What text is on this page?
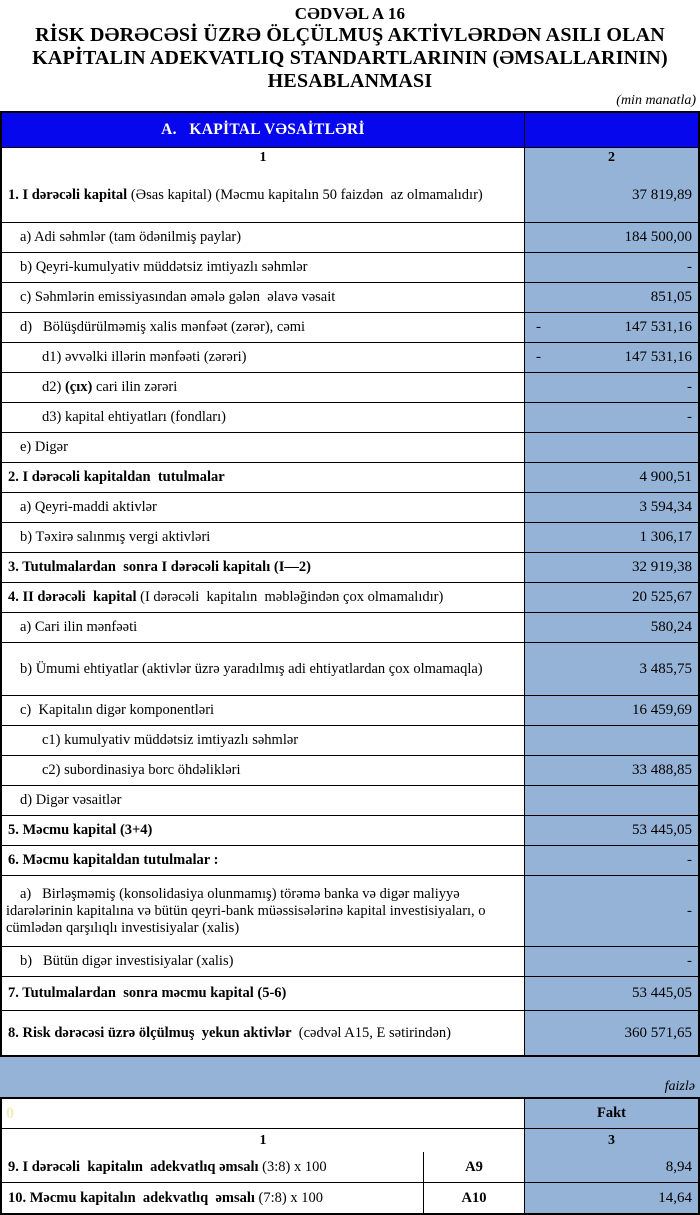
CƏDVƏL A 16
RİSK DƏRƏCƏSİ ÜZRƏ ÖLÇÜLMUŞ AKTİVLƏRDƏN ASILI OLAN
KAPİTALIN ADEKVATLIQ STANDARTLARININ (ƏMSALLARININ)
HESABLANMASI
(min manatla)
A.   KAPİTAL VƏSAİTLƏRİ
1	2
1. I dərəcəli kapital (Əsas kapital) (Məcmu kapitalın 50 faizdən  az olmamalıdır)	37 819,89
a) Adi səhmlər (tam ödənilmiş paylar)	184 500,00
b) Qeyri-kumulyativ müddətsiz imtiyazlı səhmlər	-
c) Səhmlərin emissiyasından əmələ gələn  əlavə vəsait	851,05
d)   Bölüşdürülməmiş xalis mənfəət (zərər), cəmi	-	147 531,16
d1) əvvəlki illərin mənfəəti (zərəri)	-	147 531,16
d2) (çıx) cari ilin zərəri	-
d3) kapital ehtiyatları (fondları)	-
e) Digər
2. I dərəcəli kapitaldan  tutulmalar	4 900,51
a) Qeyri-maddi aktivlər	3 594,34
b) Təxirə salınmış vergi aktivləri	1 306,17
3. Tutulmalardan  sonra I dərəcəli kapitalı (I—2)	32 919,38
4. II dərəcəli  kapital (I dərəcəli  kapitalın  məbləğindən çox olmamalıdır)	20 525,67
a) Cari ilin mənfəəti	580,24
b) Ümumi ehtiyatlar (aktivlər üzrə yaradılmış adi ehtiyatlardan çox olmamaqla)	3 485,75
c)  Kapitalın digər komponentləri	16 459,69
c1) kumulyativ müddətsiz imtiyazlı səhmlər
c2) subordinasiya borc öhdəlikləri	33 488,85
d) Digər vəsaitlər
5. Məcmu kapital (3+4)	53 445,05
6. Məcmu kapitaldan tutulmalar :	-
a)   Birləşməmiş (konsolidasiya olunmamış) törəmə banka və digər maliyyə idarələrinin kapitalına və bütün qeyri-bank müəssisələrinə kapital investisiyaları, o cümlədən qarşılıqlı investisiyalar (xalis)
-
b)   Bütün digər investisiyalar (xalis)	-
7. Tutulmalardan  sonra məcmu kapital (5-6)	53 445,05
8. Risk dərəcəsi üzrə ölçülmuş  yekun aktivlər  (cədvəl A15, E sətirindən)	360 571,65
faizlə
0	Fakt
1	3
9. I dərəcəli  kapitalın  adekvatlıq əmsalı (3:8) x 100	A9	8,94
10. Məcmu kapitalın  adekvatlıq  əmsalı (7:8) x 100	A10	14,64
